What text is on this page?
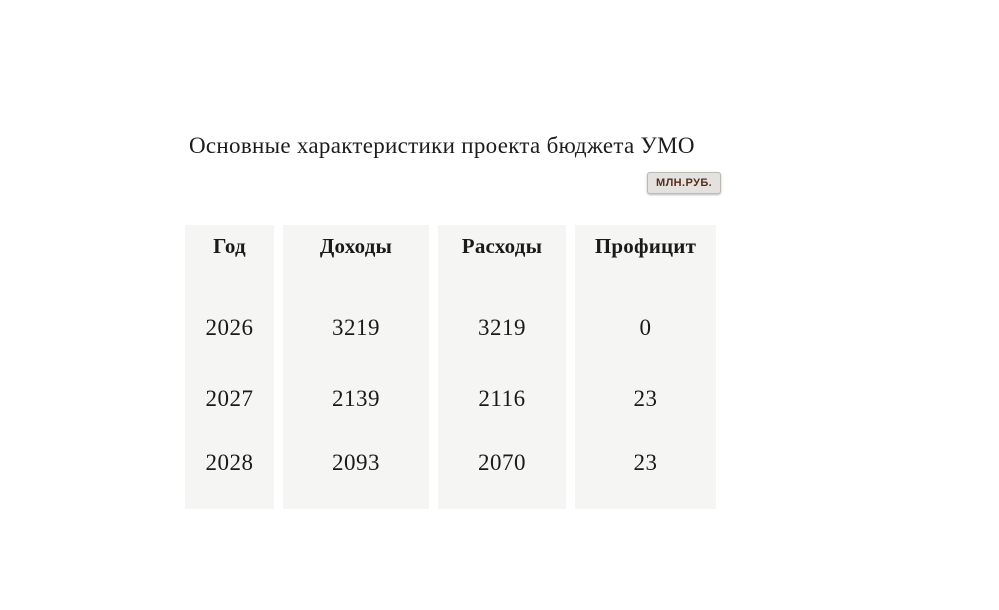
Основные характеристики проекта бюджета УМО
МЛН.РУБ.
Год	Доходы	Расходы	Профицит
2026	3219	3219	0
2027	2139	2116	23
2028	2093	2070	23
